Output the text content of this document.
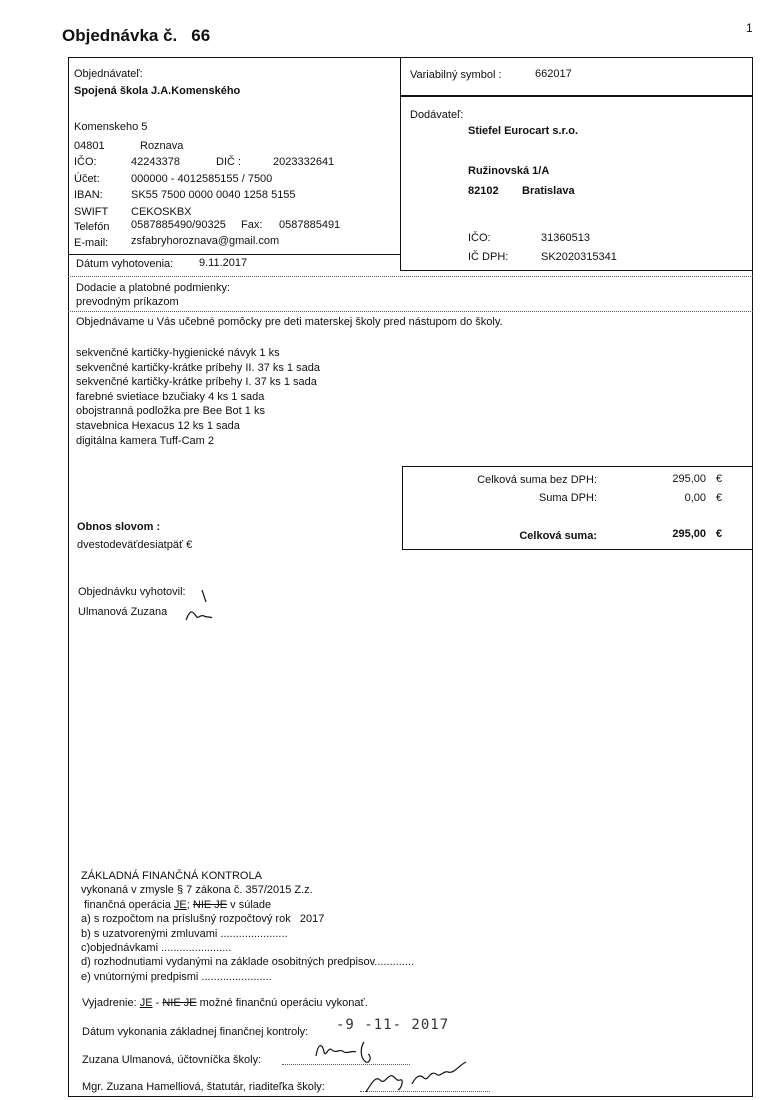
Objednávka č. 66	1
Objednávateľ:
Spojená škola J.A.Komenského
Komenskeho 5
04801	Roznava
IČO:	42243378	DIČ :	2023332641
Účet:	000000 - 4012585155 / 7500
IBAN:	SK55 7500 0000 0040 1258 5155
SWIFT CEKOSKBX
Telefón 0587885490/90325 Fax: 0587885491
E-mail: zsfabryhoroznava@gmail.com
Variabilný symbol :	662017
Dodávateľ:
Stiefel Eurocart s.r.o.
Ružinovská 1/A
82102 Bratislava
IČO:	31360513
IČ DPH:	SK2020315341
Dátum vyhotovenia: 9.11.2017
Dodacie a platobné podmienky:
prevodným príkazom
Objednávame u Vás učebné pomôcky pre deti materskej školy pred nástupom do školy.
sekvenčné kartičky-hygienické návyk 1 ks
sekvenčné kartičky-krátke príbehy II. 37 ks 1 sada
sekvenčné kartičky-krátke príbehy I. 37 ks 1 sada
farebné svietiace bzučiaky 4 ks 1 sada
obojstranná podložka pre Bee Bot 1 ks
stavebnica Hexacus 12 ks 1 sada
digitálna kamera Tuff-Cam 2
Celková suma bez DPH:	295,00 €
Suma DPH:	0,00 €
Celková suma:	295,00 €
Obnos slovom :
dvestodeväťdesiatpäť €
Objednávku vyhotovil:
Ulmanová Zuzana
ZÁKLADNÁ FINANČNÁ KONTROLA
vykonaná v zmysle § 7 zákona č. 357/2015 Z.z.
finančná operácia JE; NIE JE v súlade
a) s rozpočtom na príslušný rozpočtový rok 2017
b) s uzatvorenými zmluvami ......................
c)objednávkami .......................
d) rozhodnutiami vydanými na základe osobitných predpisov.............
e) vnútornými predpismi .......................
Vyjadrenie: JE - NIE JE možné finančnú operáciu vykonať.
Dátum vykonania základnej finančnej kontroly: -9 -11- 2017
Zuzana Ulmanová, účtovníčka školy:
Mgr. Zuzana Hamelliová, štatutár, riaditeľka školy:
